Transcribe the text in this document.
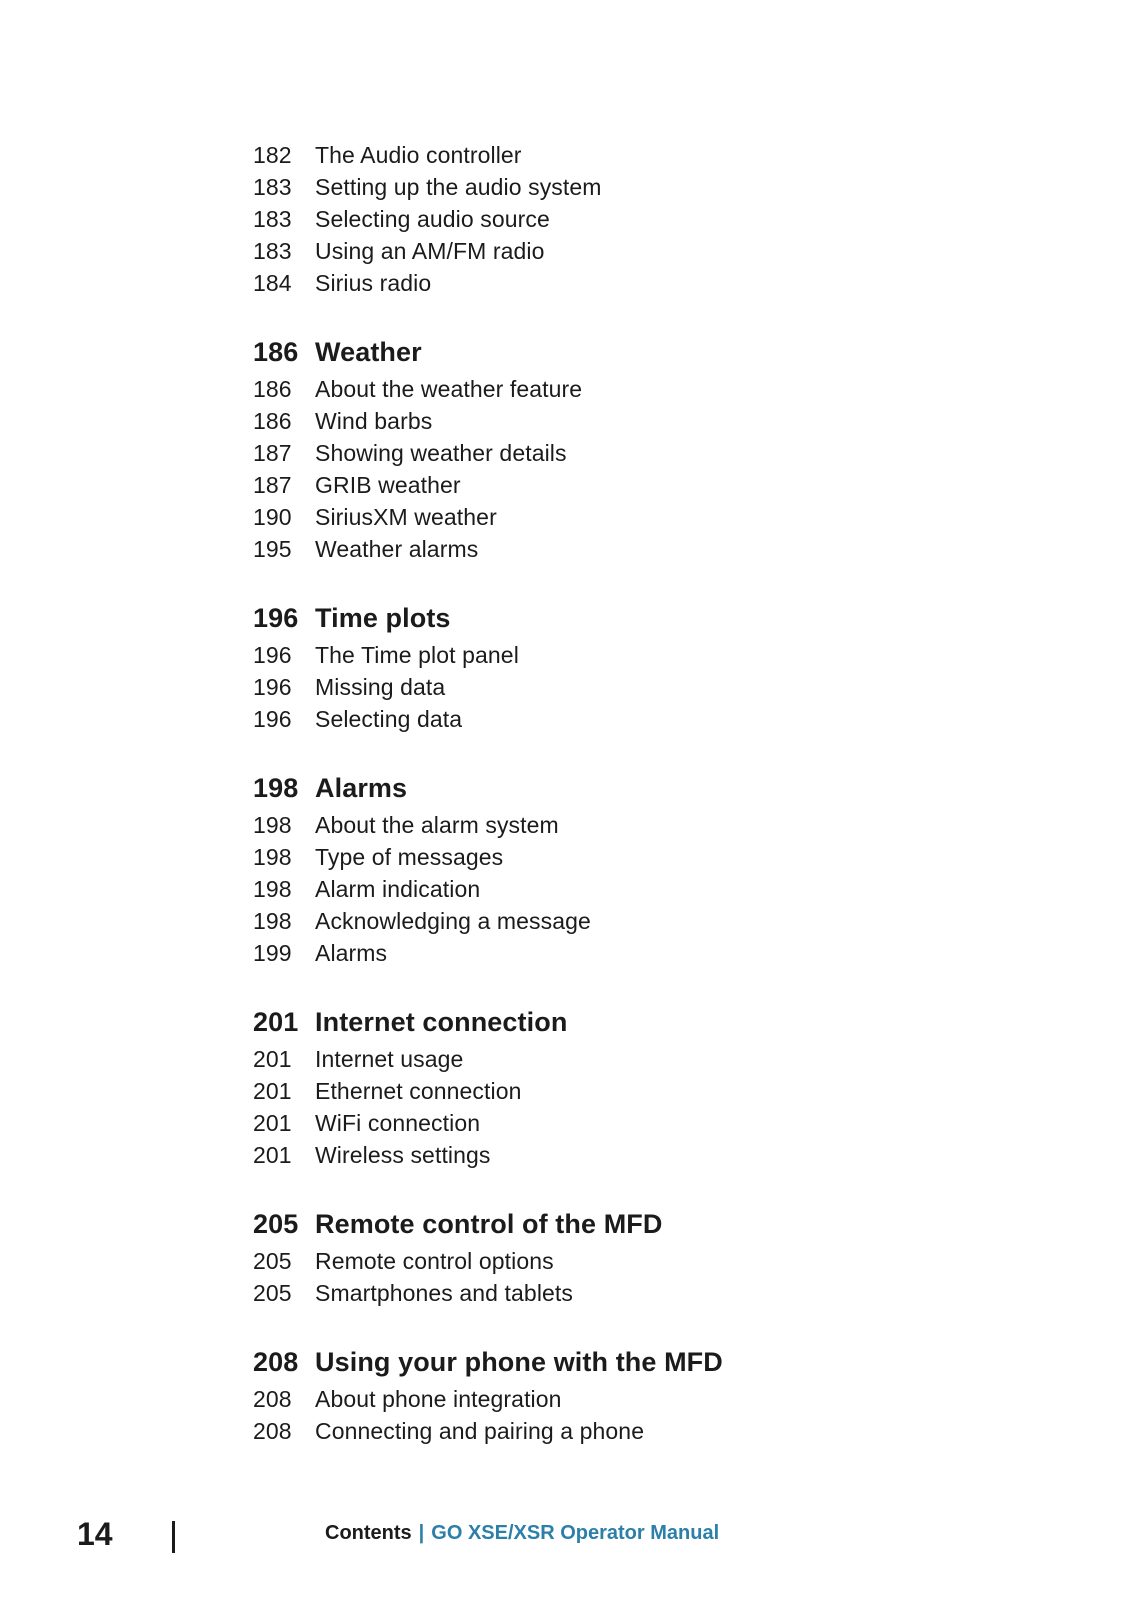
182	The Audio controller
183	Setting up the audio system
183	Selecting audio source
183	Using an AM/FM radio
184	Sirius radio
186 Weather
186	About the weather feature
186	Wind barbs
187	Showing weather details
187	GRIB weather
190	SiriusXM weather
195	Weather alarms
196 Time plots
196	The Time plot panel
196	Missing data
196	Selecting data
198 Alarms
198	About the alarm system
198	Type of messages
198	Alarm indication
198	Acknowledging a message
199	Alarms
201 Internet connection
201	Internet usage
201	Ethernet connection
201	WiFi connection
201	Wireless settings
205 Remote control of the MFD
205	Remote control options
205	Smartphones and tablets
208 Using your phone with the MFD
208	About phone integration
208	Connecting and pairing a phone
14	Contents | GO XSE/XSR Operator Manual
